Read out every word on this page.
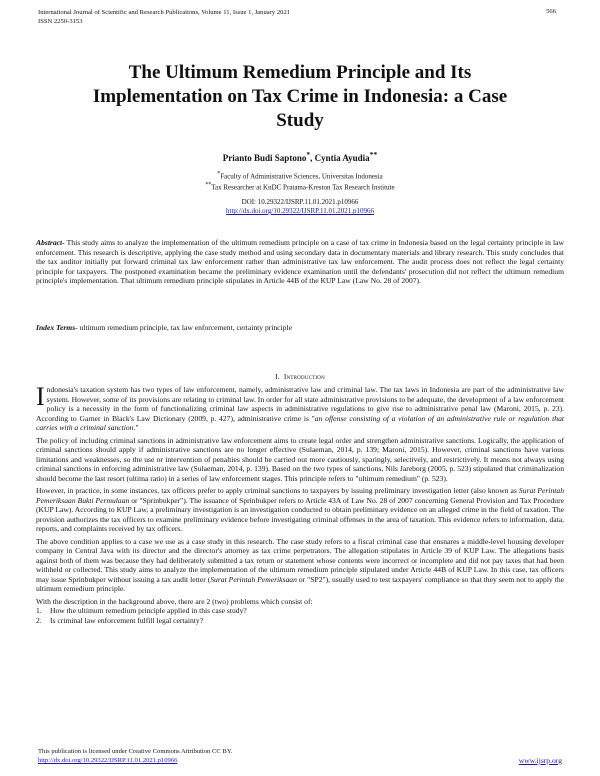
International Journal of Scientific and Research Publications, Volume 11, Issue 1, January 2021
ISSN 2250-3153
566
The Ultimum Remedium Principle and Its
Implementation on Tax Crime in Indonesia: a Case
Study
Prianto Budi Saptono*, Cyntia Ayudia**
*Faculty of Administrative Sciences, Universitas Indonesia
**Tax Researcher at KnDC Pratama-Kreston Tax Research Institute
DOI: 10.29322/IJSRP.11.01.2021.p10966
http://dx.doi.org/10.29322/IJSRP.11.01.2021.p10966
Abstract- This study aims to analyze the implementation of the ultimum remedium principle on a case of tax crime in Indonesia based on the legal certainty principle in law enforcement. This research is descriptive, applying the case study method and using secondary data in documentary materials and library research. This study concludes that the tax auditor initially put forward criminal tax law enforcement rather than administrative tax law enforcement. The audit process does not reflect the legal certainty principle for taxpayers. The postponed examination became the preliminary evidence examination until the defendants' prosecution did not reflect the ultimum remedium principle's implementation. That ultimum remedium principle stipulates in Article 44B of the KUP Law (Law No. 28 of 2007).
Index Terms- ultimum remedium principle, tax law enforcement, certainty principle
I. Introduction

Indonesia's taxation system has two types of law enforcement, namely, administrative law and criminal law. The tax laws in Indonesia are part of the administrative law system. However, some of its provisions are relating to criminal law. In order for all state administrative provisions to be adequate, the development of a law enforcement policy is a necessity in the form of functionalizing criminal law aspects in administrative regulations to give rise to administrative penal law (Maroni, 2015, p. 23). According to Garner in Black's Law Dictionary (2009, p. 427), administrative crime is "an offense consisting of a violation of an administrative rule or regulation that carries with a criminal sanction."

The policy of including criminal sanctions in administrative law enforcement aims to create legal order and strengthen administrative sanctions. Logically, the application of criminal sanctions should apply if administrative sanctions are no longer effective (Sulaeman, 2014, p. 139; Maroni, 2015). However, criminal sanctions have various limitations and weaknesses, so the use or intervention of penalties should be carried out more cautiously, sparingly, selectively, and restrictively. It means not always using criminal sanctions in enforcing administrative law (Sulaeman, 2014, p. 139). Based on the two types of sanctions, Nils Jareborg (2005, p. 523) stipulated that criminalization should become the last resort (ultima ratio) in a series of law enforcement stages. This principle refers to "ultimum remedium" (p. 523).

However, in practice, in some instances, tax officers prefer to apply criminal sanctions to taxpayers by issuing preliminary investigation letter (also known as Surat Perintah Pemeriksaan Bukti Permulaan or "Sprinbukper"). The issuance of Sprinbukper refers to Article 43A of Law No. 28 of 2007 concerning General Provision and Tax Procedure (KUP Law). According to KUP Law, a preliminary investigation is an investigation conducted to obtain preliminary evidence on an alleged crime in the field of taxation. The provision authorizes the tax officers to examine preliminary evidence before investigating criminal offenses in the area of taxation. This evidence refers to information, data, reports, and complaints received by tax officers.

The above condition applies to a case we use as a case study in this research. The case study refers to a fiscal criminal case that ensnares a middle-level housing developer company in Central Java with its director and the director's attorney as tax crime perpetrators. The allegation stipulates in Article 39 of KUP Law. The allegations basis against both of them was because they had deliberately submitted a tax return or statement whose contents were incorrect or incomplete and did not pay taxes that had been withheld or collected. This study aims to analyze the implementation of the ultimum remedium principle stipulated under Article 44B of KUP Law. In this case, tax officers may issue Sprinbukper without issuing a tax audit letter (Surat Perintah Pemeriksaan or "SP2"), usually used to test taxpayers' compliance so that they seem not to apply the ultimum remedium principle.

With the description in the background above, there are 2 (two) problems which consist of:

1.	How the ultimum remedium principle applied in this case study?
2.	Is criminal law enforcement fulfill legal certainty?
This publication is licensed under Creative Commons Attribution CC BY.
http://dx.doi.org/10.29322/IJSRP.11.01.2021.p10966	www.ijsrp.org
